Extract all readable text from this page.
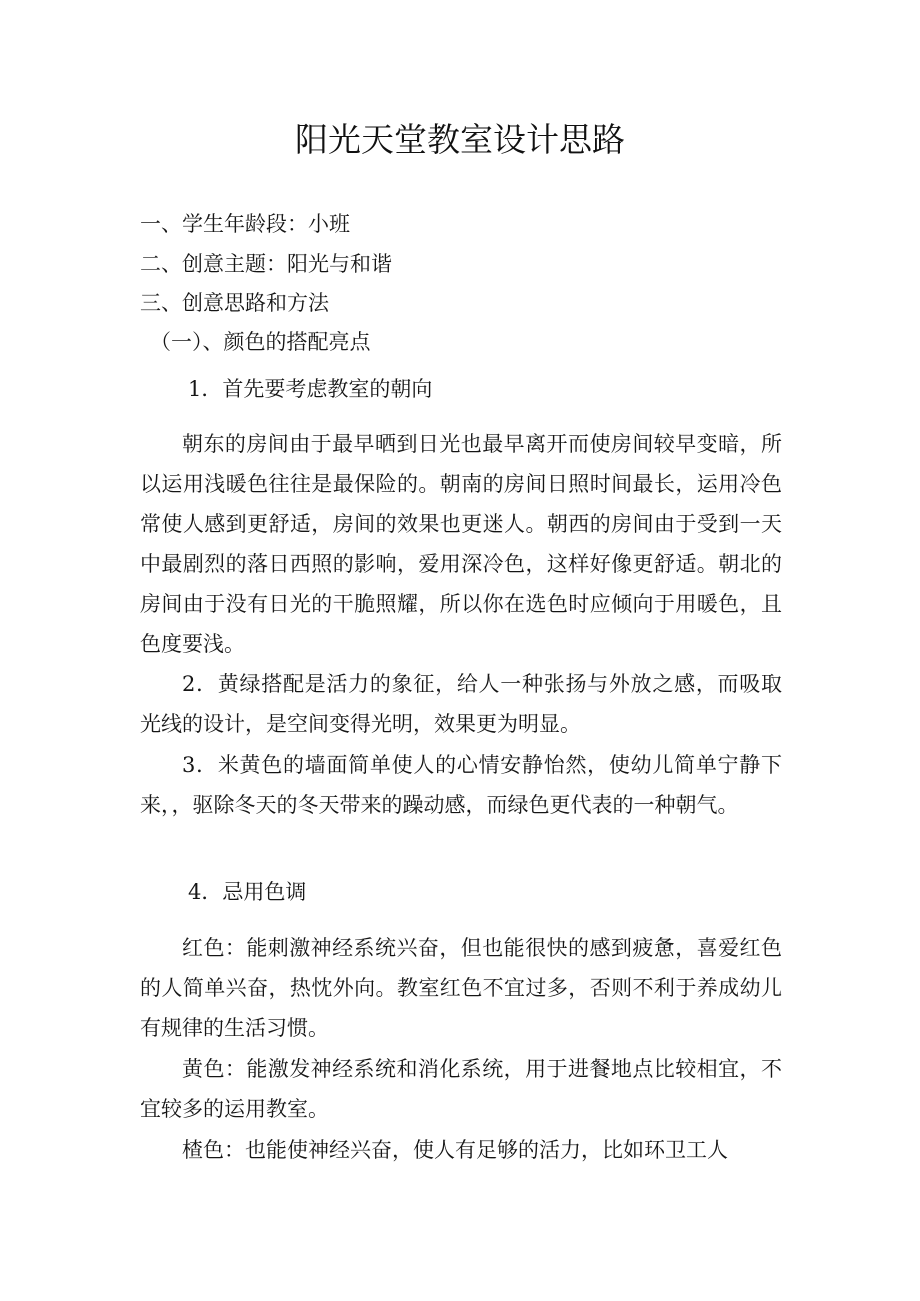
阳光天堂教室设计思路
一、学生年龄段：小班
二、创意主题：阳光与和谐
三、创意思路和方法
（一）、颜色的搭配亮点
1．首先要考虑教室的朝向

朝东的房间由于最早晒到日光也最早离开而使房间较早变暗，所以运用浅暖色往往是最保险的。朝南的房间日照时间最长，运用冷色常使人感到更舒适，房间的效果也更迷人。朝西的房间由于受到一天中最剧烈的落日西照的影响，爱用深冷色，这样好像更舒适。朝北的房间由于没有日光的干脆照耀，所以你在选色时应倾向于用暖色，且色度要浅。

2．黄绿搭配是活力的象征，给人一种张扬与外放之感，而吸取光线的设计，是空间变得光明，效果更为明显。

3．米黄色的墙面简单使人的心情安静怡然，使幼儿简单宁静下来，，驱除冬天的冬天带来的躁动感，而绿色更代表的一种朝气。

4．忌用色调

红色：能刺激神经系统兴奋，但也能很快的感到疲惫，喜爱红色的人简单兴奋，热忱外向。教室红色不宜过多，否则不利于养成幼儿有规律的生活习惯。

黄色：能激发神经系统和消化系统，用于进餐地点比较相宜，不宜较多的运用教室。

楂色：也能使神经兴奋，使人有足够的活力，比如环卫工人
